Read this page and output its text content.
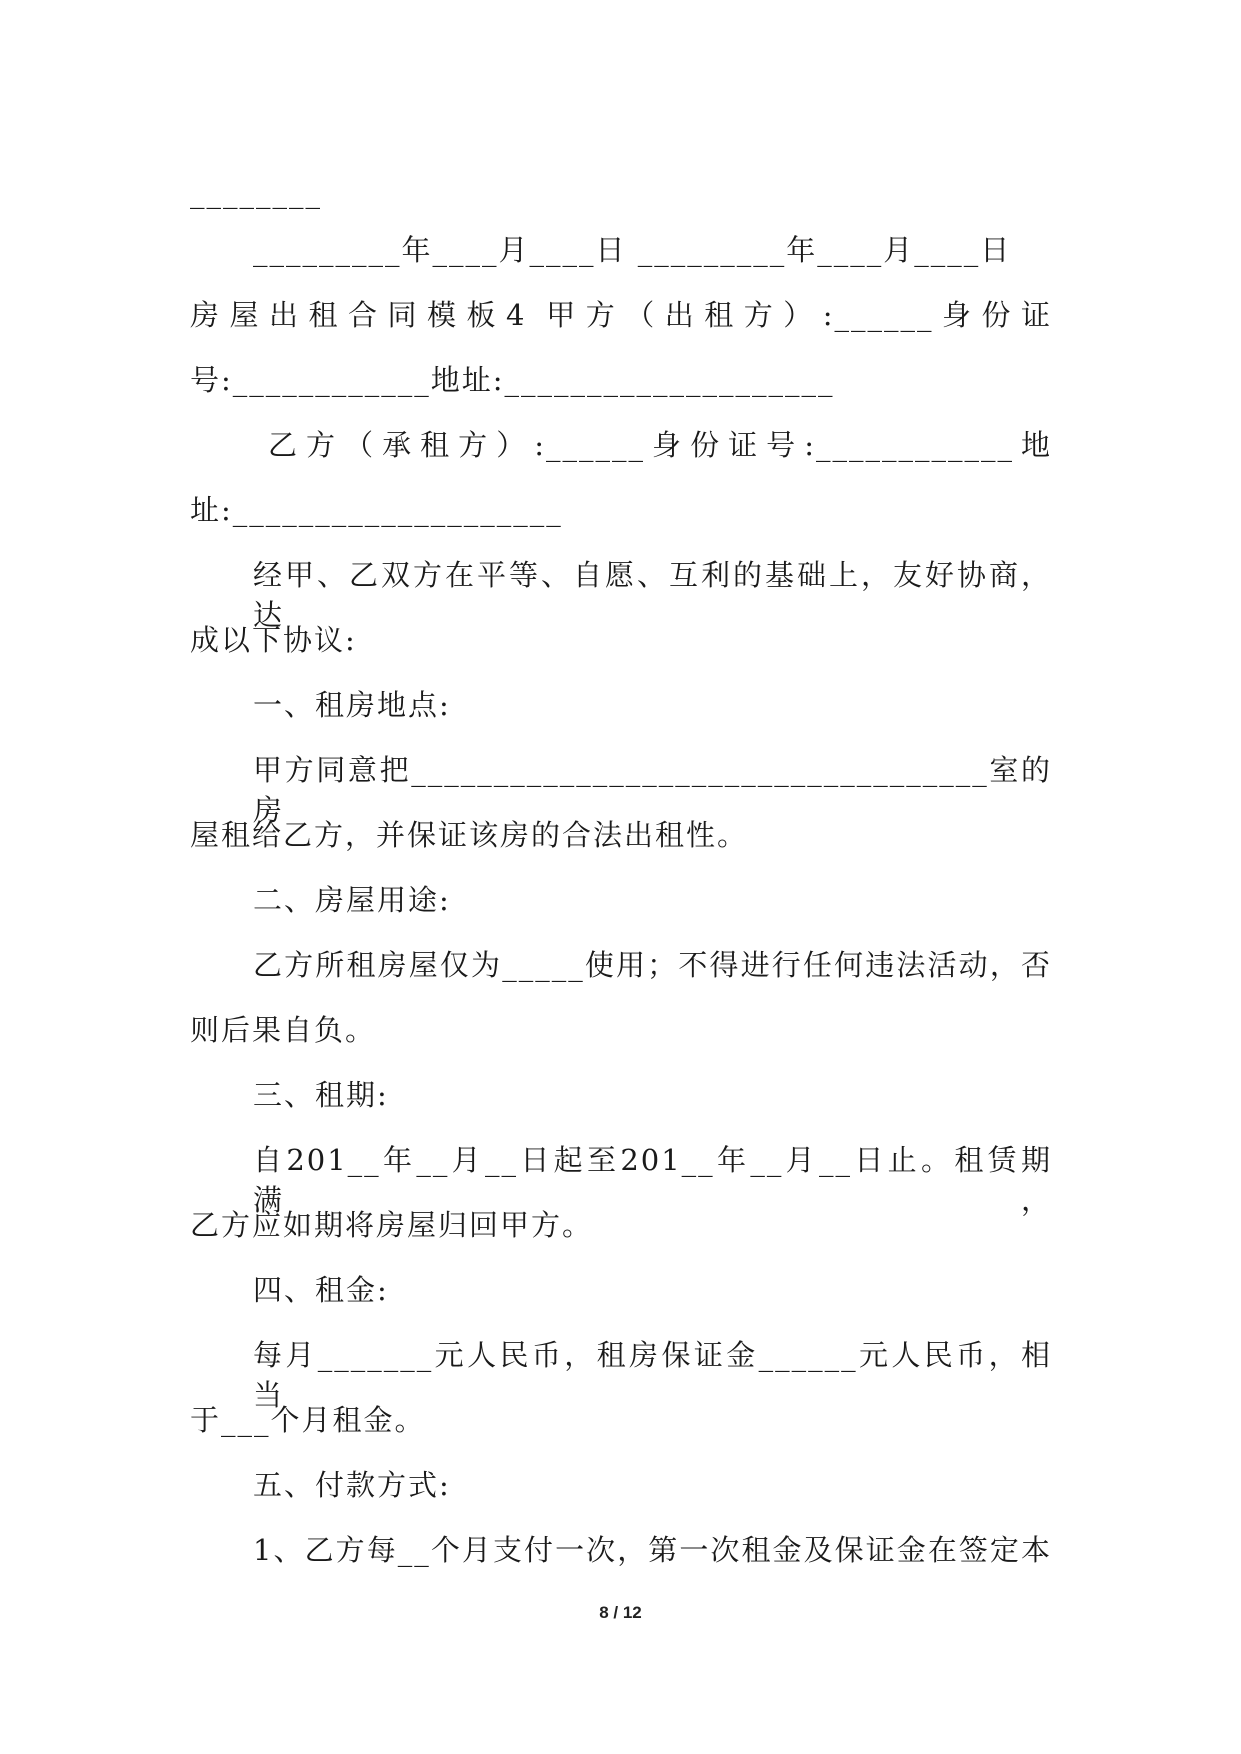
________
_________年____月____日 _________年____月____日
房屋出租合同模板4 甲方（出租方）:______身份证
号:____________地址:____________________
乙方（承租方）:______身份证号:____________地
址:____________________
经甲、乙双方在平等、自愿、互利的基础上，友好协商，达
成以下协议:
一、租房地点:
甲方同意把___________________________________室的房
屋租给乙方，并保证该房的合法出租性。
二、房屋用途:
乙方所租房屋仅为_____使用；不得进行任何违法活动，否
则后果自负。
三、租期:
自201__年__月__日起至201__年__月__日止。租赁期满，
乙方应如期将房屋归回甲方。
四、租金:
每月_______元人民币，租房保证金______元人民币，相当
于___个月租金。
五、付款方式:
1、乙方每__个月支付一次，第一次租金及保证金在签定本
8 / 12
